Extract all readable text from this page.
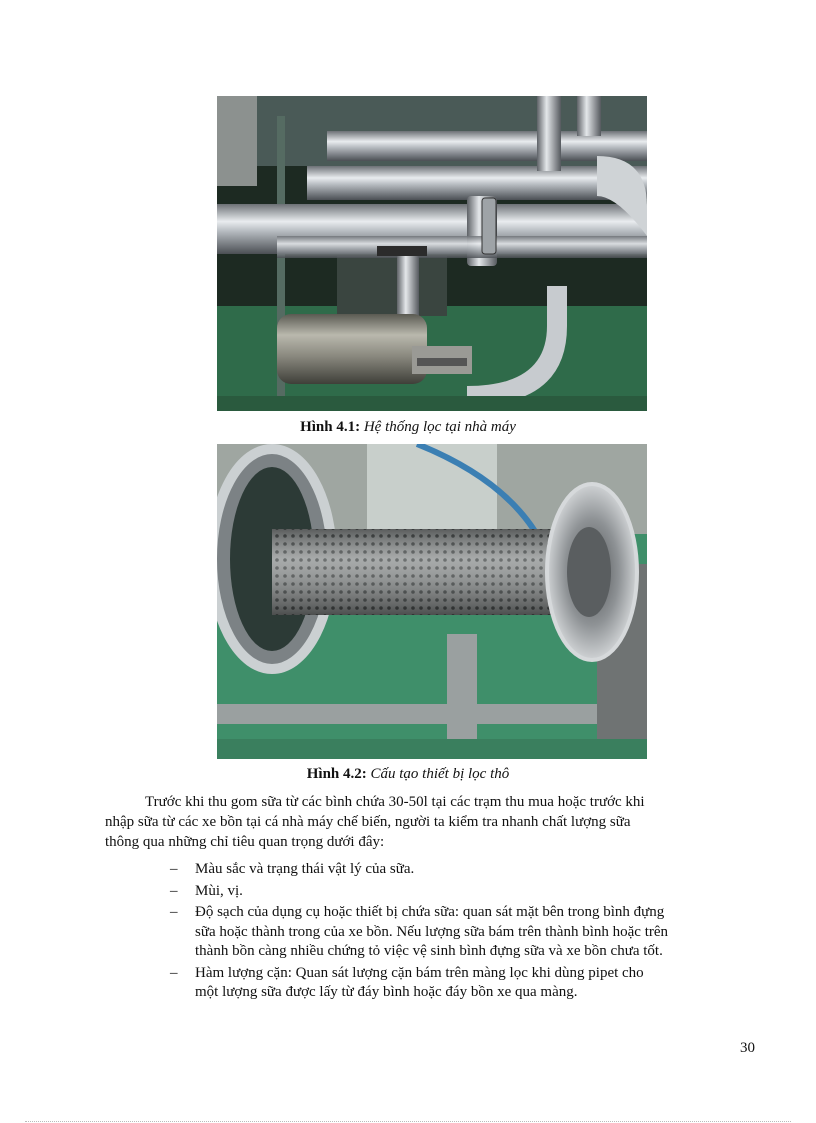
Hình 4.1: Hệ thống lọc tại nhà máy
Hình 4.2: Cấu tạo thiết bị lọc thô
Trước khi thu gom sữa từ các bình chứa 30-50l tại các trạm thu mua hoặc trước khi
nhập sữa từ các xe bồn tại cá nhà máy chế biến, người ta kiểm tra nhanh chất lượng sữa
thông qua những chỉ tiêu quan trọng dưới đây:
– Màu sắc và trạng thái vật lý của sữa.
– Mùi, vị.
– Độ sạch của dụng cụ hoặc thiết bị chứa sữa: quan sát mặt bên trong bình đựng
sữa hoặc thành trong của xe bồn. Nếu lượng sữa bám trên thành bình hoặc trên
thành bồn càng nhiều chứng tỏ việc vệ sinh bình đựng sữa và xe bồn chưa tốt.
– Hàm lượng cặn: Quan sát lượng cặn bám trên màng lọc khi dùng pipet cho
một lượng sữa được lấy từ đáy bình hoặc đáy bồn xe qua màng.
30
